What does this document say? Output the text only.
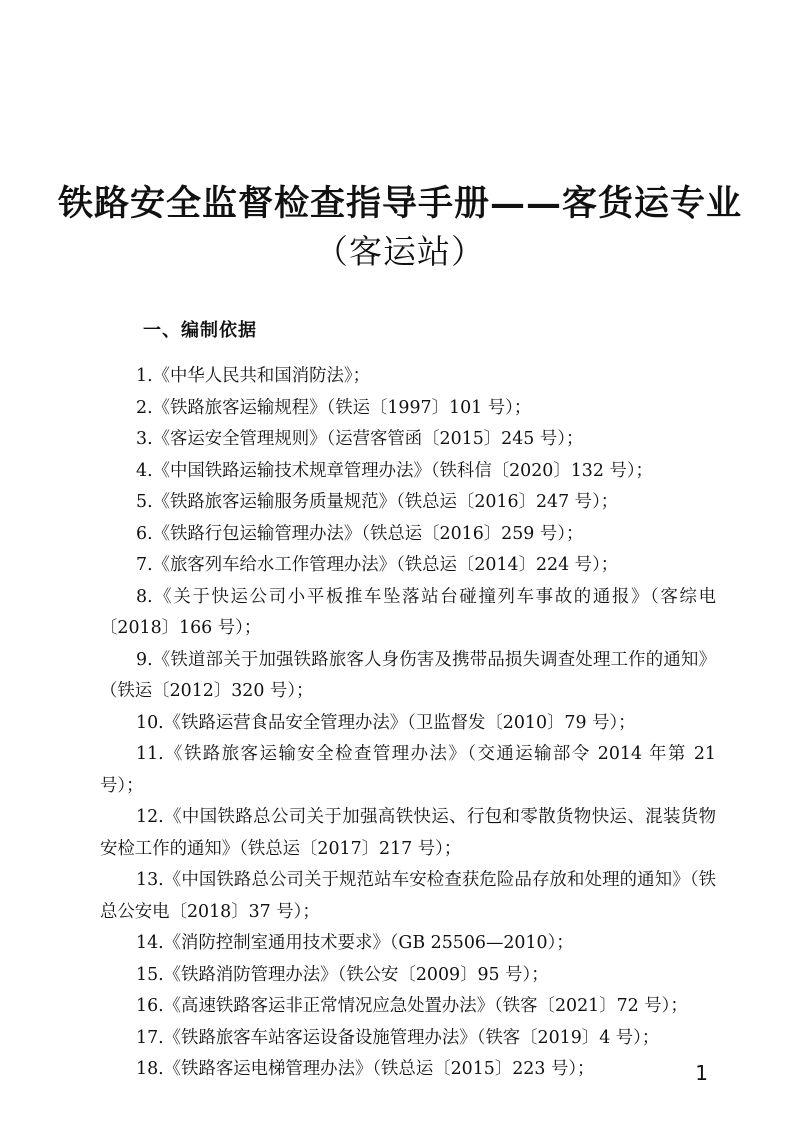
铁路安全监督检查指导手册——客货运专业
（客运站）
一、编制依据
1.《中华人民共和国消防法》；
2.《铁路旅客运输规程》（铁运〔1997〕101 号）；
3.《客运安全管理规则》（运营客管函〔2015〕245 号）；
4.《中国铁路运输技术规章管理办法》（铁科信〔2020〕132 号）；
5.《铁路旅客运输服务质量规范》（铁总运〔2016〕247 号）；
6.《铁路行包运输管理办法》（铁总运〔2016〕259 号）；
7.《旅客列车给水工作管理办法》（铁总运〔2014〕224 号）；
8.《关于快运公司小平板推车坠落站台碰撞列车事故的通报》（客综电〔2018〕166 号）；
9.《铁道部关于加强铁路旅客人身伤害及携带品损失调查处理工作的通知》（铁运〔2012〕320 号）；
10.《铁路运营食品安全管理办法》（卫监督发〔2010〕79 号）；
11.《铁路旅客运输安全检查管理办法》（交通运输部令 2014 年第 21 号）；
12.《中国铁路总公司关于加强高铁快运、行包和零散货物快运、混装货物安检工作的通知》（铁总运〔2017〕217 号）；
13.《中国铁路总公司关于规范站车安检查获危险品存放和处理的通知》（铁总公安电〔2018〕37 号）；
14.《消防控制室通用技术要求》（GB 25506—2010）；
15.《铁路消防管理办法》（铁公安〔2009〕95 号）；
16.《高速铁路客运非正常情况应急处置办法》（铁客〔2021〕72 号）；
17.《铁路旅客车站客运设备设施管理办法》（铁客〔2019〕4 号）；
18.《铁路客运电梯管理办法》（铁总运〔2015〕223 号）；	1
